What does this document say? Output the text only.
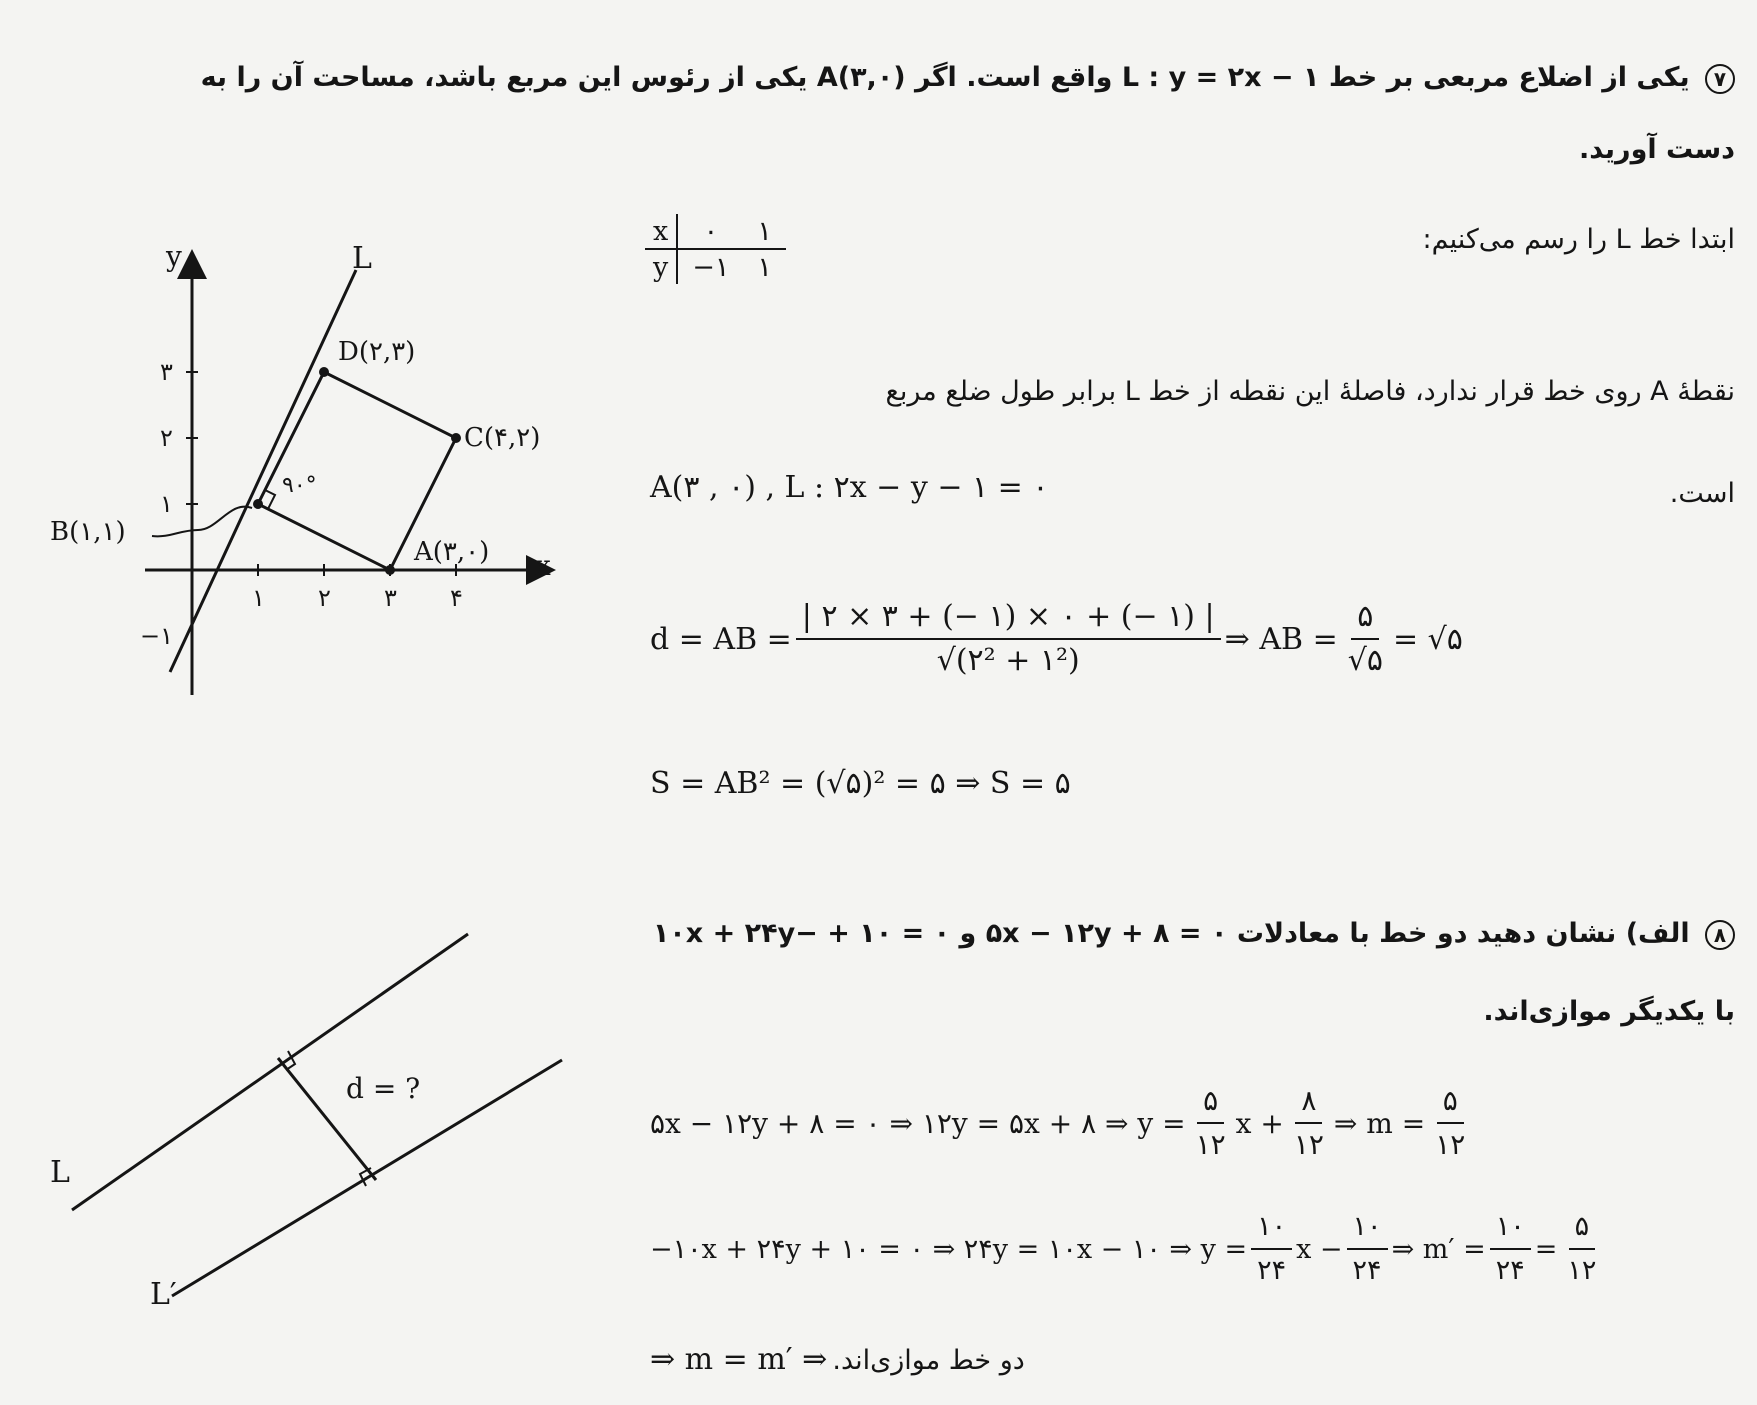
۷ یکی از اضلاع مربعی بر خط L : y = ۲x − ۱ واقع است. اگر A(۳,۰) یکی از رئوس این مربع باشد، مساحت آن را به
دست آورید.
ابتدا خط L را رسم می‌کنیم:
x	۰	۱
y	−۱	۱
نقطهٔ A روی خط قرار ندارد، فاصلهٔ این نقطه از خط L برابر طول ضلع مربع
است.
A(۳ , ۰) , L : ۲x − y − ۱ = ۰
d = AB = $\frac{| ۲ \times ۳ + (- ۱) \times ۰ + (- ۱) |}{\text{√(۲² + ۱²)}}$ ⇒ AB = $\frac{۵}{√۵}$ = √۵
S = AB² = (√۵)² = ۵ ⇒ S = ۵
x
y
۱ ۲ ۳ ۴
۳
۲
۱
−۱
L
۹۰°
D(۲,۳)
C(۴,۲)
A(۳,۰)
B(۱,۱)
۸ الف) نشان دهید دو خط با معادلات ۰ = ۸ + ۵x − ۱۲y و ۰ = ۱۰ + −۱۰x + ۲۴y
با یکدیگر موازی‌اند.
۵x − ۱۲y + ۸ = ۰ ⇒ ۱۲y = ۵x + ۸ ⇒ $y = \frac{۵}{۱۲}$ $x + \frac{۸}{۱۲}$ ⇒ $m = \frac{۵}{۱۲}$
−۱۰x + ۲۴y + ۱۰ = ۰ ⇒ ۲۴y = ۱۰x − ۱۰ ⇒ $y = \frac{۱۰}{۲۴}$ $x - \frac{۱۰}{۲۴}$ ⇒ $m' = \frac{۱۰}{۲۴} = \frac{۵}{۱۲}$
⇒ m = m′ ⇒ دو خط موازی‌اند.
L
L′
d = ?
